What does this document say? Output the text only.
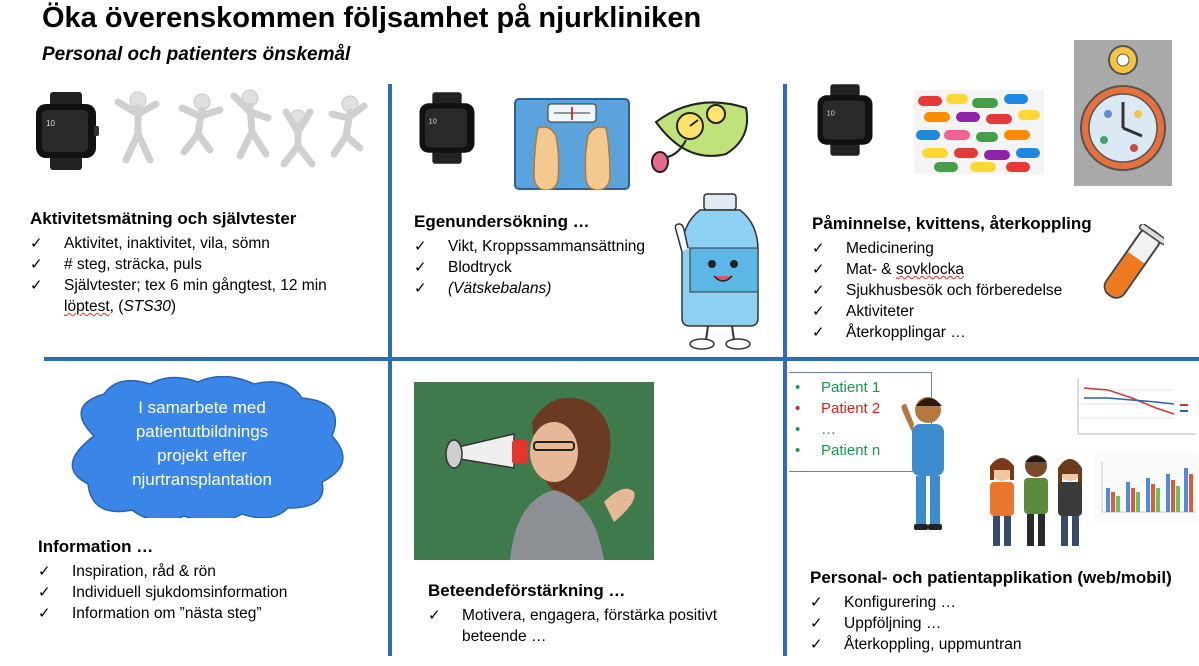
Öka överenskommen följsamhet på njurkliniken
Personal och patienters önskemål
10
Aktivitetsmätning och självtester
✓ Aktivitet, inaktivitet, vila, sömn
✓ # steg, sträcka, puls
✓ Självtester; tex 6 min gångtest, 12 min
löptest, (STS30)
10
Egenundersökning …
✓ Vikt, Kroppssammansättning
✓ Blodtryck
✓ (Vätskebalans)
10
Påminnelse, kvittens, återkoppling
✓ Medicinering
✓ Mat- & sovklocka
✓ Sjukhusbesök och förberedelse
✓ Aktiviteter
✓ Återkopplingar …
I samarbete med
patientutbildnings
projekt efter
njurtransplantation
Information …
✓ Inspiration, råd & rön
✓ Individuell sjukdomsinformation
✓ Information om ”nästa steg”
Beteendeförstärkning …
✓ Motivera, engagera, förstärka positivt
beteende …
• Patient 1
• Patient 2
• …
• Patient n
Personal- och patientapplikation (web/mobil)
✓ Konfigurering …
✓ Uppföljning …
✓ Återkoppling, uppmuntran
